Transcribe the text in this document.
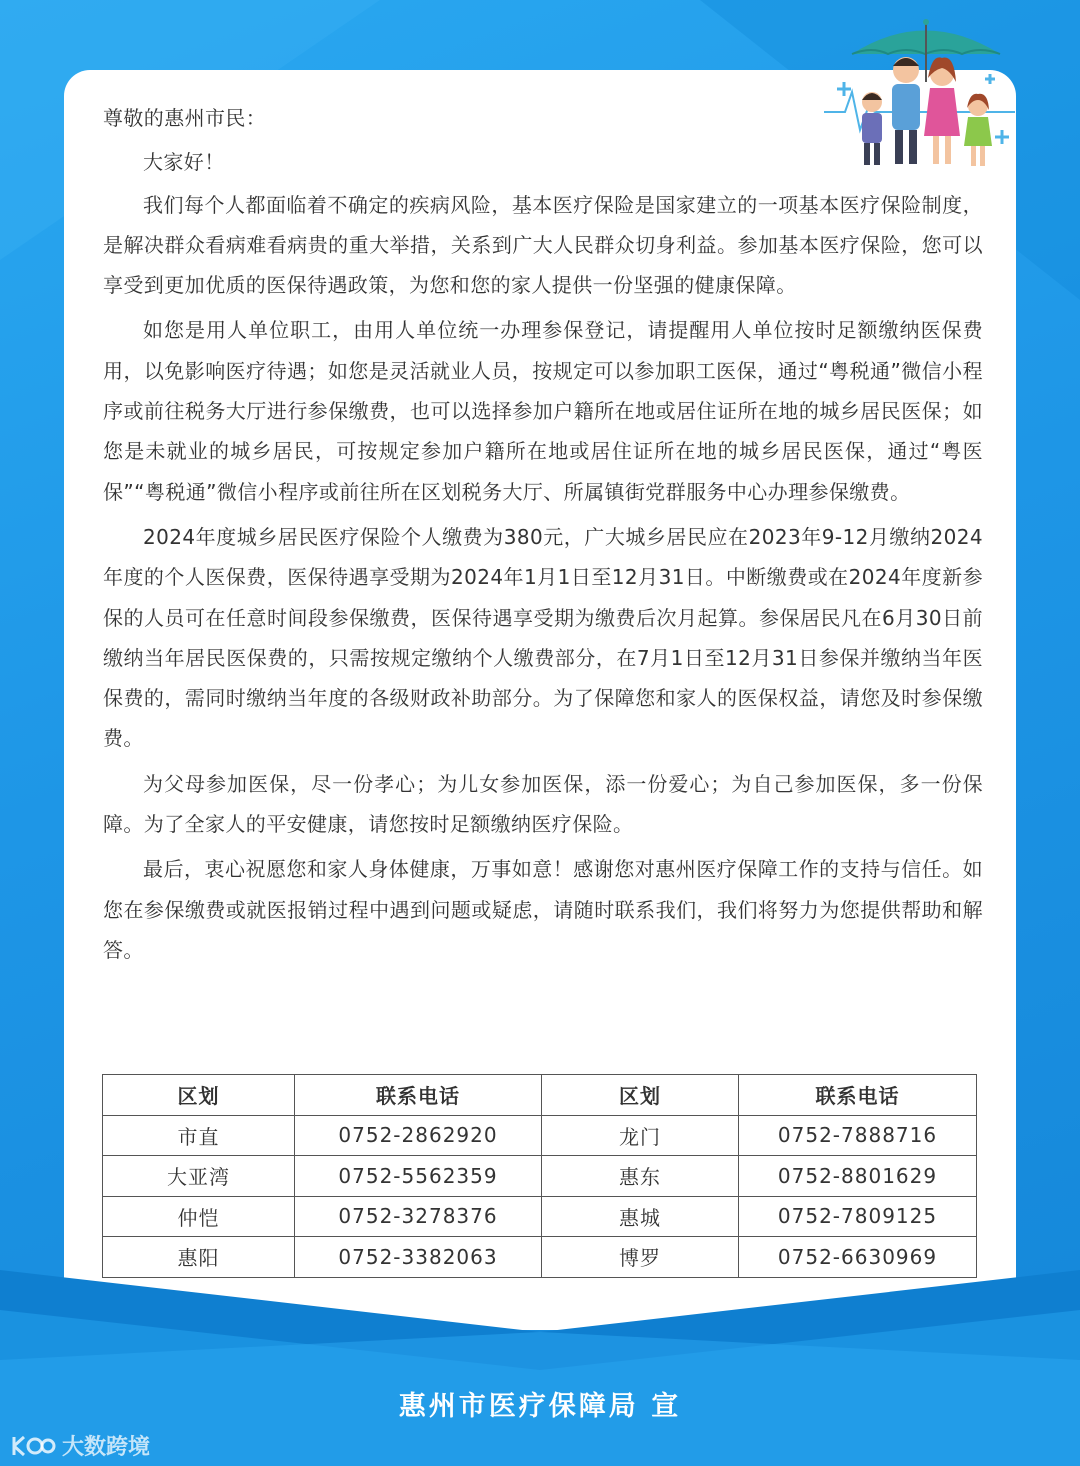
尊敬的惠州市民：

大家好！

我们每个人都面临着不确定的疾病风险，基本医疗保险是国家建立的一项基本医疗保险制度，是解决群众看病难看病贵的重大举措，关系到广大人民群众切身利益。参加基本医疗保险，您可以享受到更加优质的医保待遇政策，为您和您的家人提供一份坚强的健康保障。

如您是用人单位职工，由用人单位统一办理参保登记，请提醒用人单位按时足额缴纳医保费用，以免影响医疗待遇；如您是灵活就业人员，按规定可以参加职工医保，通过“粤税通”微信小程序或前往税务大厅进行参保缴费，也可以选择参加户籍所在地或居住证所在地的城乡居民医保；如您是未就业的城乡居民，可按规定参加户籍所在地或居住证所在地的城乡居民医保，通过“粤医保”“粤税通”微信小程序或前往所在区划税务大厅、所属镇街党群服务中心办理参保缴费。

2024年度城乡居民医疗保险个人缴费为380元，广大城乡居民应在2023年9-12月缴纳2024年度的个人医保费，医保待遇享受期为2024年1月1日至12月31日。中断缴费或在2024年度新参保的人员可在任意时间段参保缴费，医保待遇享受期为缴费后次月起算。参保居民凡在6月30日前缴纳当年居民医保费的，只需按规定缴纳个人缴费部分，在7月1日至12月31日参保并缴纳当年医保费的，需同时缴纳当年度的各级财政补助部分。为了保障您和家人的医保权益，请您及时参保缴费。

为父母参加医保，尽一份孝心；为儿女参加医保，添一份爱心；为自己参加医保，多一份保障。为了全家人的平安健康，请您按时足额缴纳医疗保险。

最后，衷心祝愿您和家人身体健康，万事如意！感谢您对惠州医疗保障工作的支持与信任。如您在参保缴费或就医报销过程中遇到问题或疑虑，请随时联系我们，我们将努力为您提供帮助和解答。

区划	联系电话	区划	联系电话
市直	0752-2862920	龙门	0752-7888716
大亚湾	0752-5562359	惠东	0752-8801629
仲恺	0752-3278376	惠城	0752-7809125
惠阳	0752-3382063	博罗	0752-6630969
惠州市医疗保障局 宣
大数跨境
